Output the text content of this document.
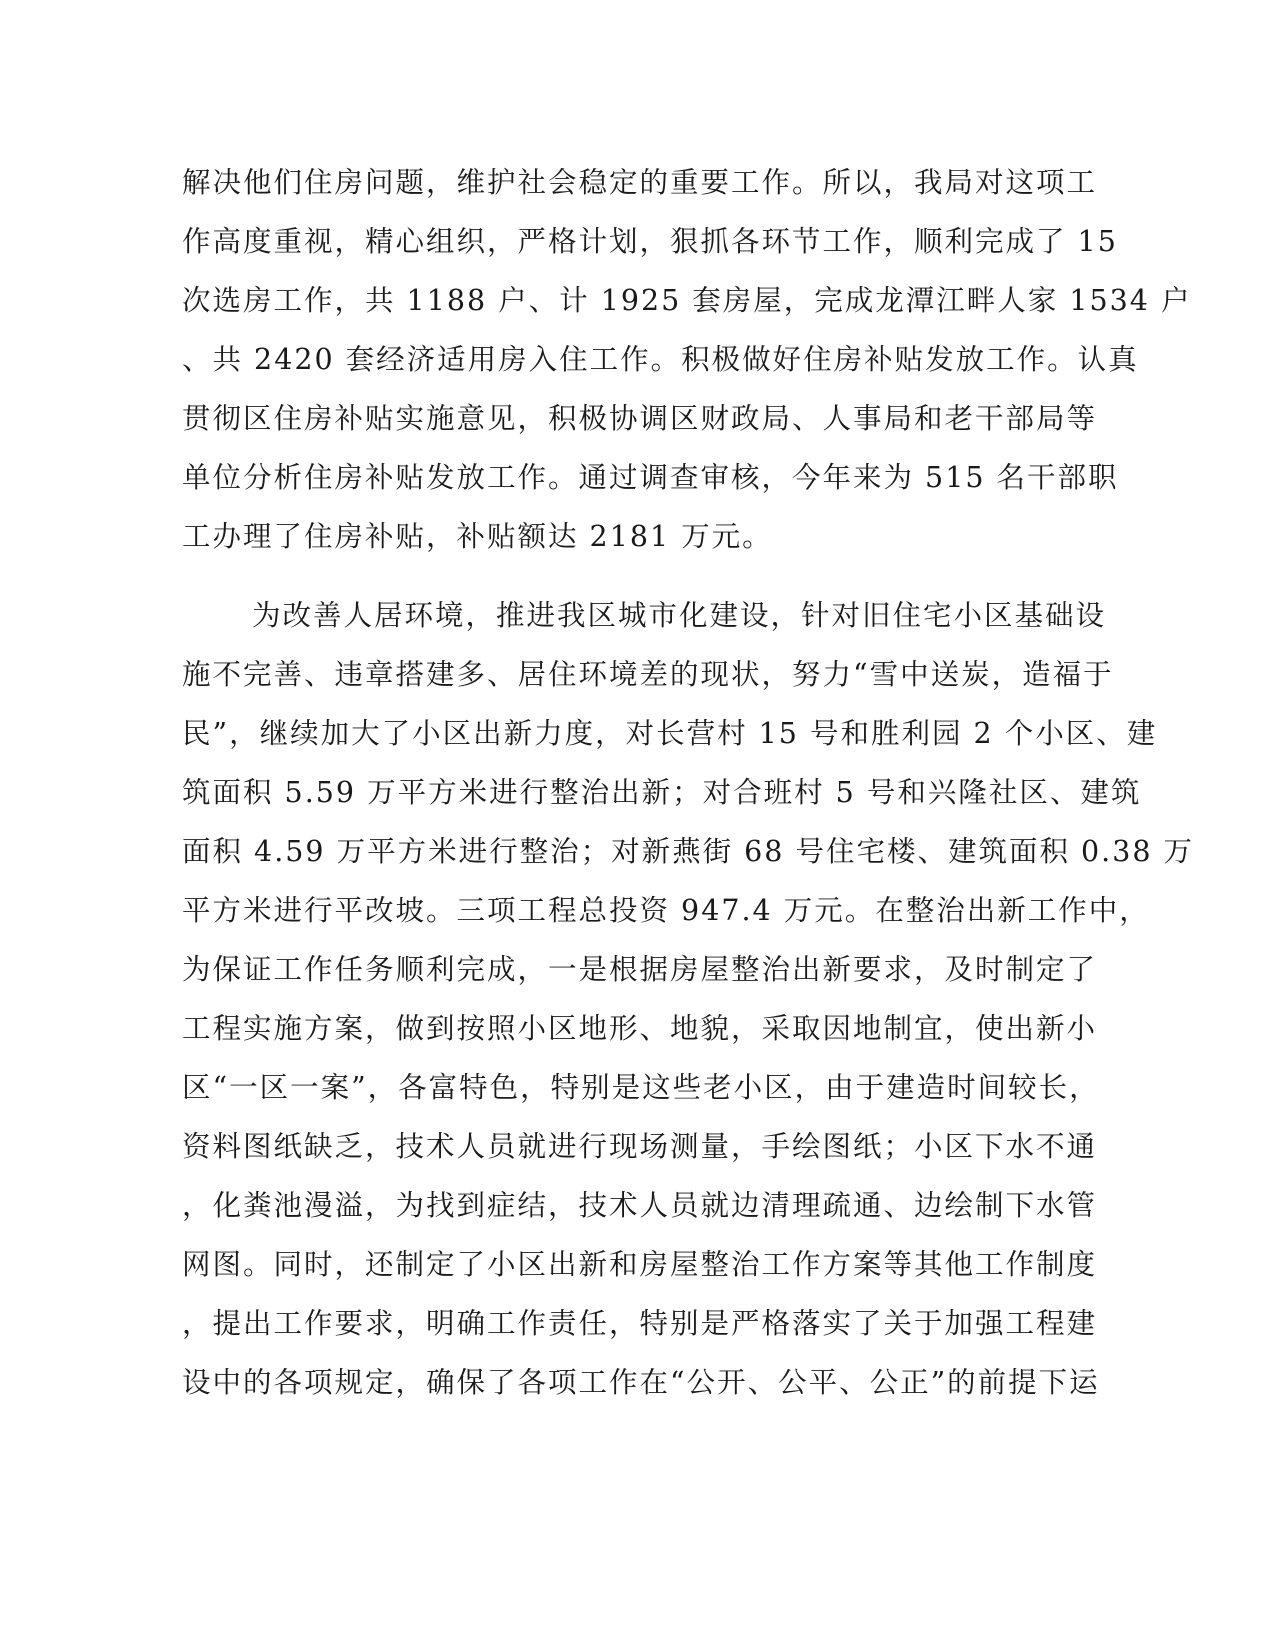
解决他们住房问题，维护社会稳定的重要工作。所以，我局对这项工
作高度重视，精心组织，严格计划，狠抓各环节工作，顺利完成了 15
次选房工作，共 1188 户、计 1925 套房屋，完成龙潭江畔人家 1534 户
、共 2420 套经济适用房入住工作。积极做好住房补贴发放工作。认真
贯彻区住房补贴实施意见，积极协调区财政局、人事局和老干部局等
单位分析住房补贴发放工作。通过调查审核，今年来为 515 名干部职
工办理了住房补贴，补贴额达 2181 万元。
为改善人居环境，推进我区城市化建设，针对旧住宅小区基础设
施不完善、违章搭建多、居住环境差的现状，努力“雪中送炭，造福于
民”，继续加大了小区出新力度，对长营村 15 号和胜利园 2 个小区、建
筑面积 5.59 万平方米进行整治出新；对合班村 5 号和兴隆社区、建筑
面积 4.59 万平方米进行整治；对新燕街 68 号住宅楼、建筑面积 0.38 万
平方米进行平改坡。三项工程总投资 947.4 万元。在整治出新工作中，
为保证工作任务顺利完成，一是根据房屋整治出新要求，及时制定了
工程实施方案，做到按照小区地形、地貌，采取因地制宜，使出新小
区“一区一案”，各富特色，特别是这些老小区，由于建造时间较长，
资料图纸缺乏，技术人员就进行现场测量，手绘图纸；小区下水不通
，化粪池漫溢，为找到症结，技术人员就边清理疏通、边绘制下水管
网图。同时，还制定了小区出新和房屋整治工作方案等其他工作制度
，提出工作要求，明确工作责任，特别是严格落实了关于加强工程建
设中的各项规定，确保了各项工作在“公开、公平、公正”的前提下运
